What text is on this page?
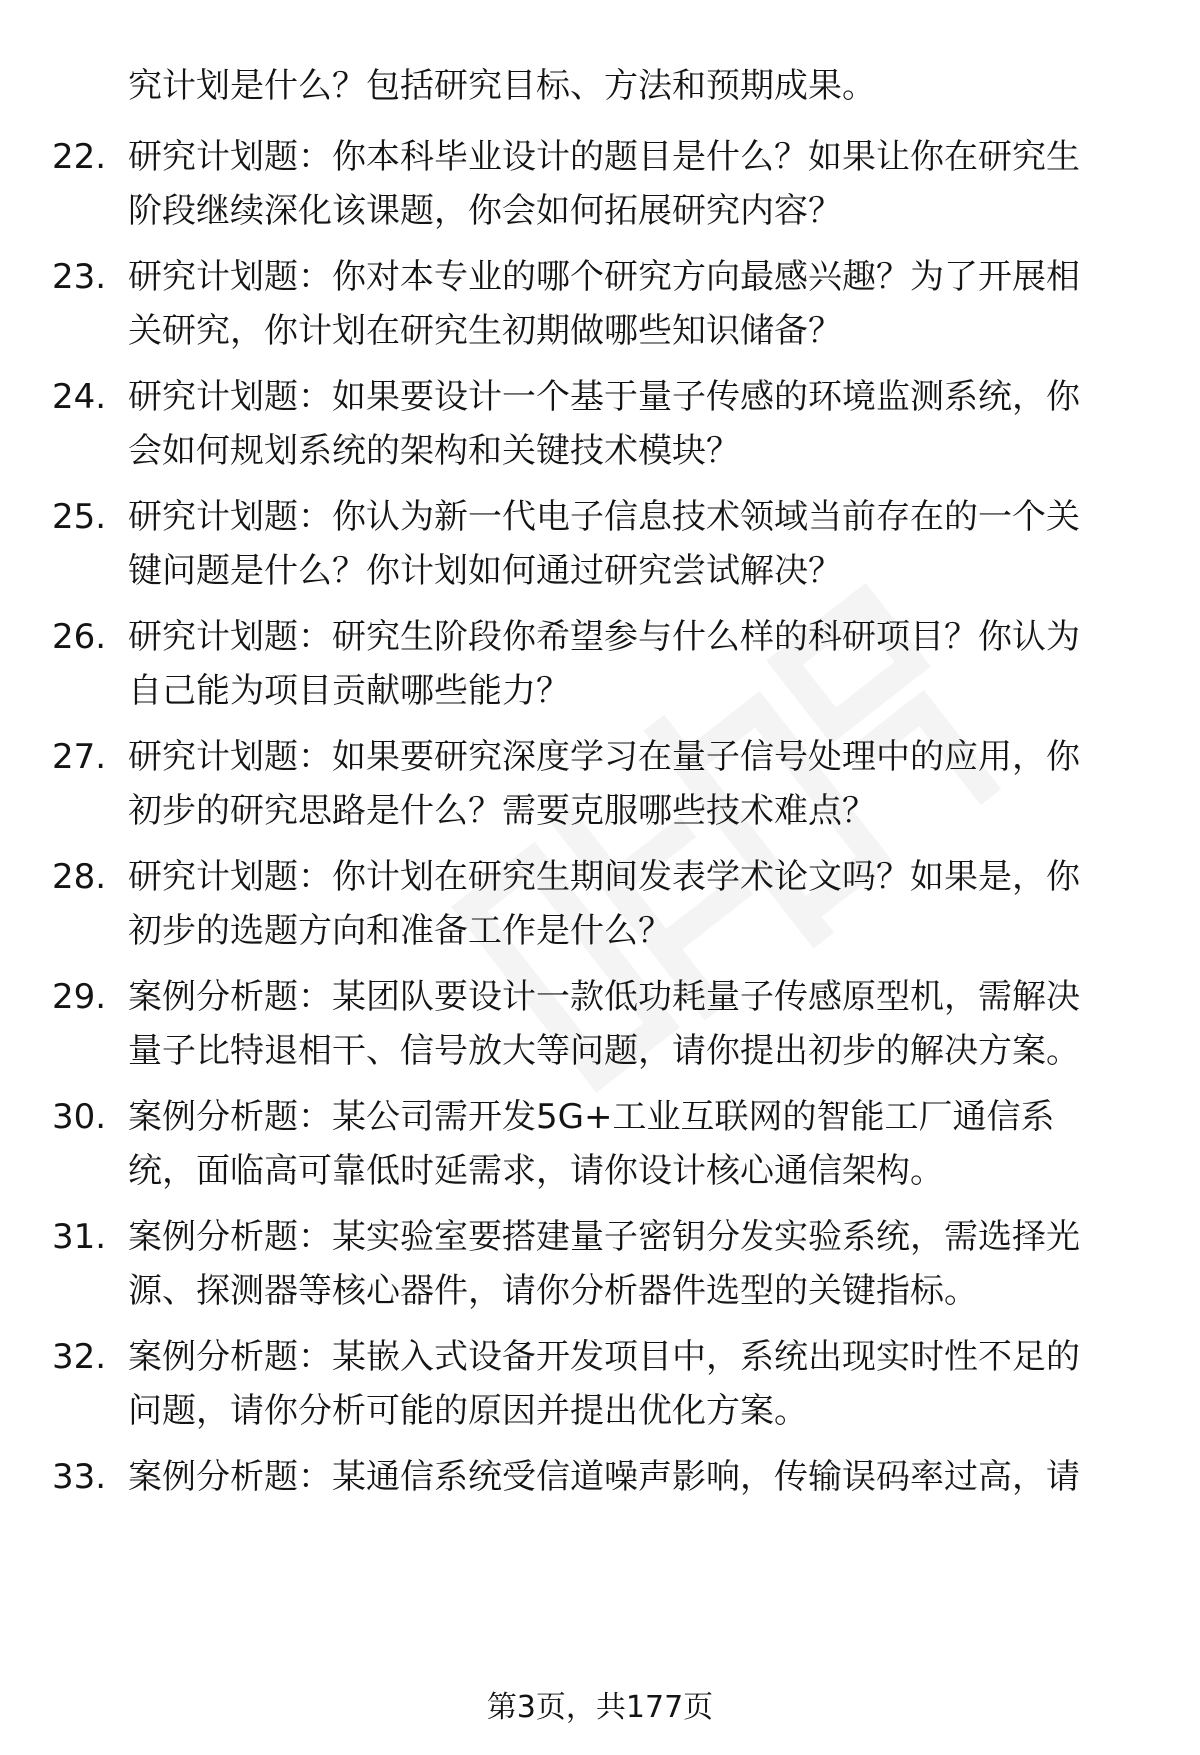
究计划是什么？包括研究目标、方法和预期成果。
22. 研究计划题：你本科毕业设计的题目是什么？如果让你在研究生
阶段继续深化该课题，你会如何拓展研究内容？
23. 研究计划题：你对本专业的哪个研究方向最感兴趣？为了开展相
关研究，你计划在研究生初期做哪些知识储备？
24. 研究计划题：如果要设计一个基于量子传感的环境监测系统，你
会如何规划系统的架构和关键技术模块？
25. 研究计划题：你认为新一代电子信息技术领域当前存在的一个关
键问题是什么？你计划如何通过研究尝试解决？
26. 研究计划题：研究生阶段你希望参与什么样的科研项目？你认为
自己能为项目贡献哪些能力？
27. 研究计划题：如果要研究深度学习在量子信号处理中的应用，你
初步的研究思路是什么？需要克服哪些技术难点？
28. 研究计划题：你计划在研究生期间发表学术论文吗？如果是，你
初步的选题方向和准备工作是什么？
29. 案例分析题：某团队要设计一款低功耗量子传感原型机，需解决
量子比特退相干、信号放大等问题，请你提出初步的解决方案。
30. 案例分析题：某公司需开发5G+工业互联网的智能工厂通信系
统，面临高可靠低时延需求，请你设计核心通信架构。
31. 案例分析题：某实验室要搭建量子密钥分发实验系统，需选择光
源、探测器等核心器件，请你分析器件选型的关键指标。
32. 案例分析题：某嵌入式设备开发项目中，系统出现实时性不足的
问题，请你分析可能的原因并提出优化方案。
33. 案例分析题：某通信系统受信道噪声影响，传输误码率过高，请
第3页，共177页
